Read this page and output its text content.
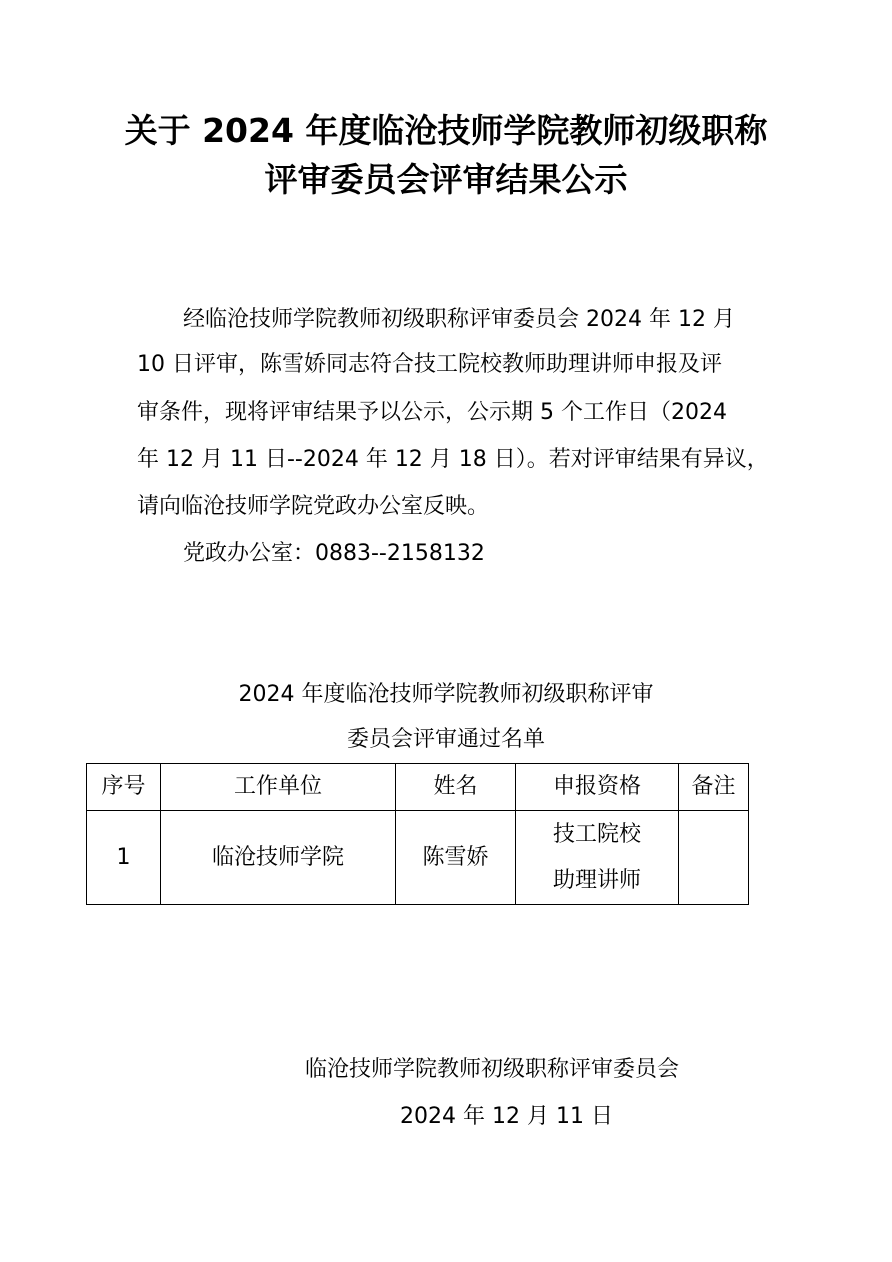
关于 2024 年度临沧技师学院教师初级职称
评审委员会评审结果公示
经临沧技师学院教师初级职称评审委员会 2024 年 12 月
10 日评审，陈雪娇同志符合技工院校教师助理讲师申报及评
审条件，现将评审结果予以公示，公示期 5 个工作日（2024
年 12 月 11 日--2024 年 12 月 18 日）。若对评审结果有异议，
请向临沧技师学院党政办公室反映。
党政办公室：0883--2158132
2024 年度临沧技师学院教师初级职称评审
委员会评审通过名单
序号	工作单位	姓名	申报资格	备注
1	临沧技师学院	陈雪娇	技工院校
助理讲师	

临沧技师学院教师初级职称评审委员会
2024 年 12 月 11 日
